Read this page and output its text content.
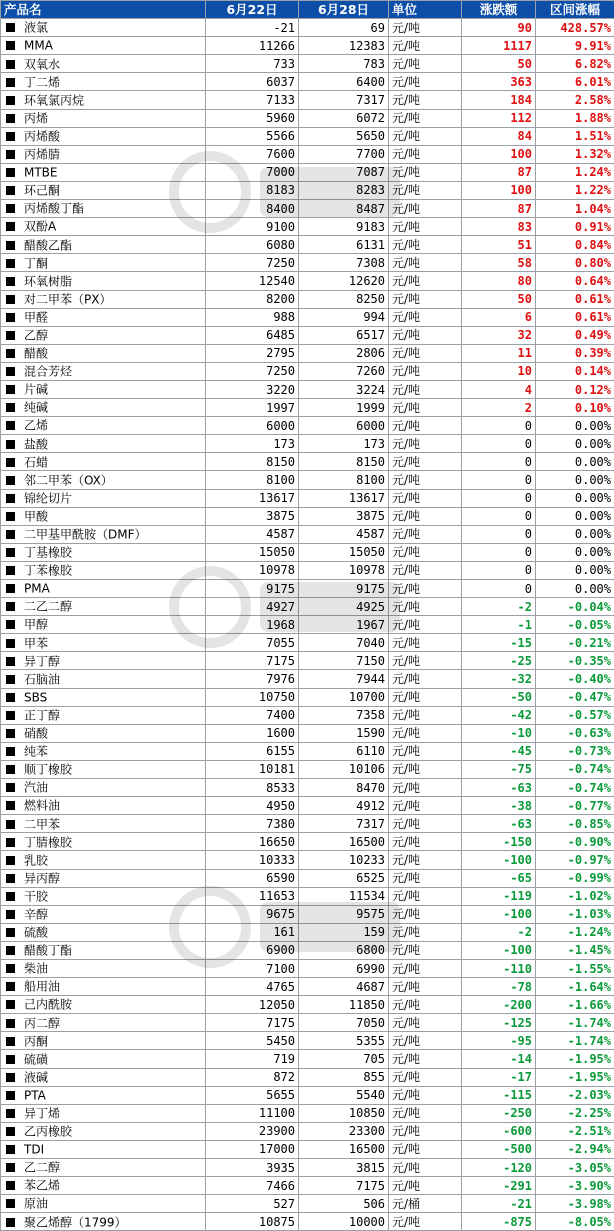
产品名	6月22日	6月28日	单位	涨跌额	区间涨幅
液氯	-21	69	元/吨	90	428.57%
MMA	11266	12383	元/吨	1117	9.91%
双氧水	733	783	元/吨	50	6.82%
丁二烯	6037	6400	元/吨	363	6.01%
环氧氯丙烷	7133	7317	元/吨	184	2.58%
丙烯	5960	6072	元/吨	112	1.88%
丙烯酸	5566	5650	元/吨	84	1.51%
丙烯腈	7600	7700	元/吨	100	1.32%
MTBE	7000	7087	元/吨	87	1.24%
环己酮	8183	8283	元/吨	100	1.22%
丙烯酸丁酯	8400	8487	元/吨	87	1.04%
双酚A	9100	9183	元/吨	83	0.91%
醋酸乙酯	6080	6131	元/吨	51	0.84%
丁酮	7250	7308	元/吨	58	0.80%
环氧树脂	12540	12620	元/吨	80	0.64%
对二甲苯（PX）	8200	8250	元/吨	50	0.61%
甲醛	988	994	元/吨	6	0.61%
乙醇	6485	6517	元/吨	32	0.49%
醋酸	2795	2806	元/吨	11	0.39%
混合芳烃	7250	7260	元/吨	10	0.14%
片碱	3220	3224	元/吨	4	0.12%
纯碱	1997	1999	元/吨	2	0.10%
乙烯	6000	6000	元/吨	0	0.00%
盐酸	173	173	元/吨	0	0.00%
石蜡	8150	8150	元/吨	0	0.00%
邻二甲苯（OX）	8100	8100	元/吨	0	0.00%
锦纶切片	13617	13617	元/吨	0	0.00%
甲酸	3875	3875	元/吨	0	0.00%
二甲基甲酰胺（DMF）	4587	4587	元/吨	0	0.00%
丁基橡胶	15050	15050	元/吨	0	0.00%
丁苯橡胶	10978	10978	元/吨	0	0.00%
PMA	9175	9175	元/吨	0	0.00%
二乙二醇	4927	4925	元/吨	-2	-0.04%
甲醇	1968	1967	元/吨	-1	-0.05%
甲苯	7055	7040	元/吨	-15	-0.21%
异丁醇	7175	7150	元/吨	-25	-0.35%
石脑油	7976	7944	元/吨	-32	-0.40%
SBS	10750	10700	元/吨	-50	-0.47%
正丁醇	7400	7358	元/吨	-42	-0.57%
硝酸	1600	1590	元/吨	-10	-0.63%
纯苯	6155	6110	元/吨	-45	-0.73%
顺丁橡胶	10181	10106	元/吨	-75	-0.74%
汽油	8533	8470	元/吨	-63	-0.74%
燃料油	4950	4912	元/吨	-38	-0.77%
二甲苯	7380	7317	元/吨	-63	-0.85%
丁腈橡胶	16650	16500	元/吨	-150	-0.90%
乳胶	10333	10233	元/吨	-100	-0.97%
异丙醇	6590	6525	元/吨	-65	-0.99%
干胶	11653	11534	元/吨	-119	-1.02%
辛醇	9675	9575	元/吨	-100	-1.03%
硫酸	161	159	元/吨	-2	-1.24%
醋酸丁酯	6900	6800	元/吨	-100	-1.45%
柴油	7100	6990	元/吨	-110	-1.55%
船用油	4765	4687	元/吨	-78	-1.64%
己内酰胺	12050	11850	元/吨	-200	-1.66%
丙二醇	7175	7050	元/吨	-125	-1.74%
丙酮	5450	5355	元/吨	-95	-1.74%
硫磺	719	705	元/吨	-14	-1.95%
液碱	872	855	元/吨	-17	-1.95%
PTA	5655	5540	元/吨	-115	-2.03%
异丁烯	11100	10850	元/吨	-250	-2.25%
乙丙橡胶	23900	23300	元/吨	-600	-2.51%
TDI	17000	16500	元/吨	-500	-2.94%
乙二醇	3935	3815	元/吨	-120	-3.05%
苯乙烯	7466	7175	元/吨	-291	-3.90%
原油	527	506	元/桶	-21	-3.98%
聚乙烯醇（1799）	10875	10000	元/吨	-875	-8.05%
